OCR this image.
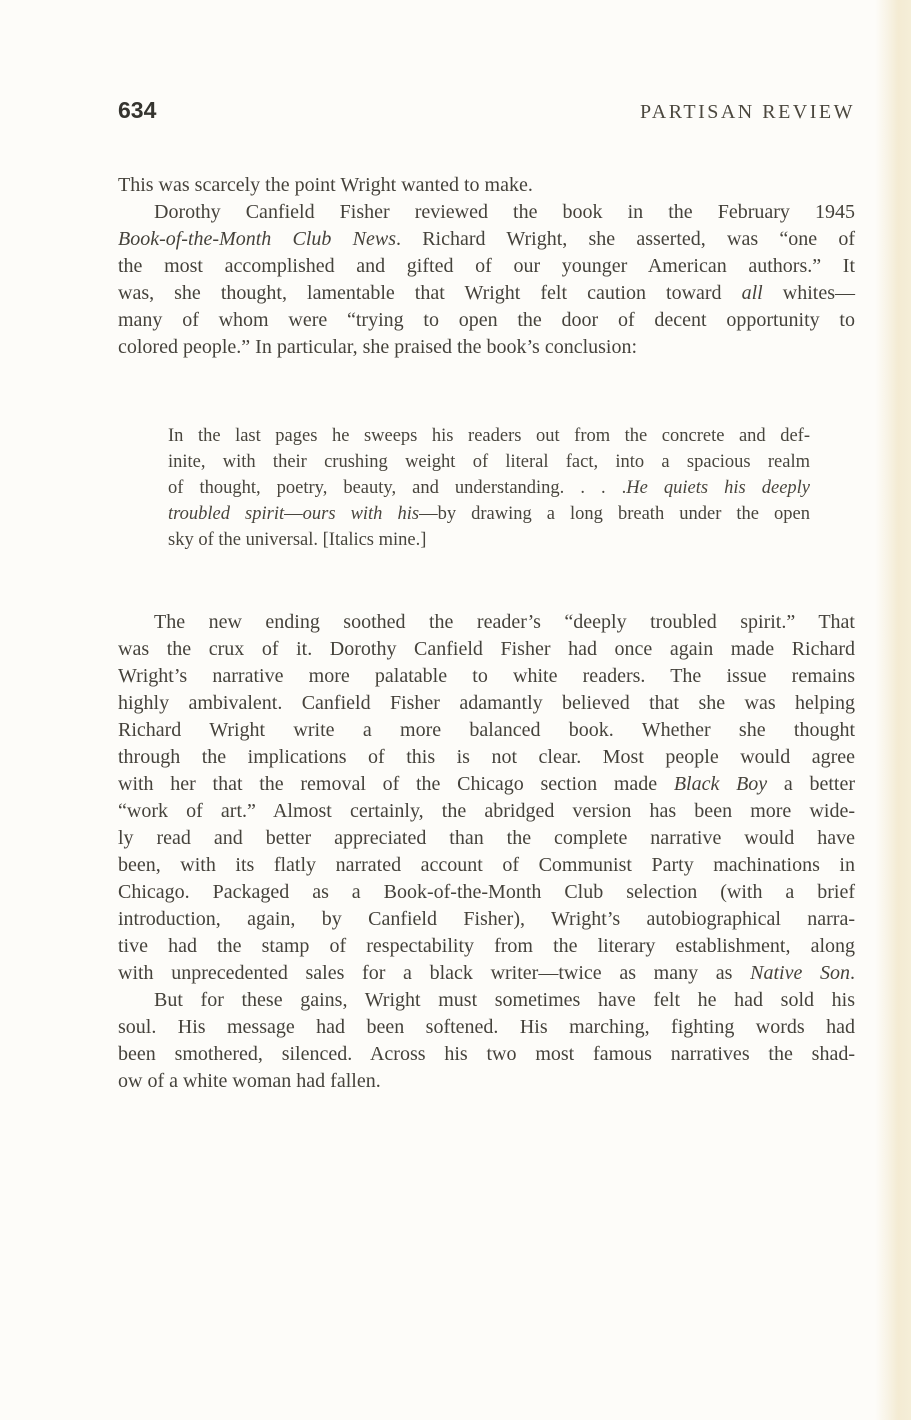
634	PARTISAN REVIEW
This was scarcely the point Wright wanted to make.
Dorothy Canfield Fisher reviewed the book in the February 1945
Book-of-the-Month Club News. Richard Wright, she asserted, was “one of
the most accomplished and gifted of our younger American authors.” It
was, she thought, lamentable that Wright felt caution toward all whites—
many of whom were “trying to open the door of decent opportunity to
colored people.” In particular, she praised the book’s conclusion:
In the last pages he sweeps his readers out from the concrete and def-
inite, with their crushing weight of literal fact, into a spacious realm
of thought, poetry, beauty, and understanding. . . .He quiets his deeply
troubled spirit—ours with his—by drawing a long breath under the open
sky of the universal. [Italics mine.]
The new ending soothed the reader’s “deeply troubled spirit.” That
was the crux of it. Dorothy Canfield Fisher had once again made Richard
Wright’s narrative more palatable to white readers. The issue remains
highly ambivalent. Canfield Fisher adamantly believed that she was helping
Richard Wright write a more balanced book. Whether she thought
through the implications of this is not clear. Most people would agree
with her that the removal of the Chicago section made Black Boy a better
“work of art.” Almost certainly, the abridged version has been more wide-
ly read and better appreciated than the complete narrative would have
been, with its flatly narrated account of Communist Party machinations in
Chicago. Packaged as a Book-of-the-Month Club selection (with a brief
introduction, again, by Canfield Fisher), Wright’s autobiographical narra-
tive had the stamp of respectability from the literary establishment, along
with unprecedented sales for a black writer—twice as many as Native Son.
But for these gains, Wright must sometimes have felt he had sold his
soul. His message had been softened. His marching, fighting words had
been smothered, silenced. Across his two most famous narratives the shad-
ow of a white woman had fallen.
